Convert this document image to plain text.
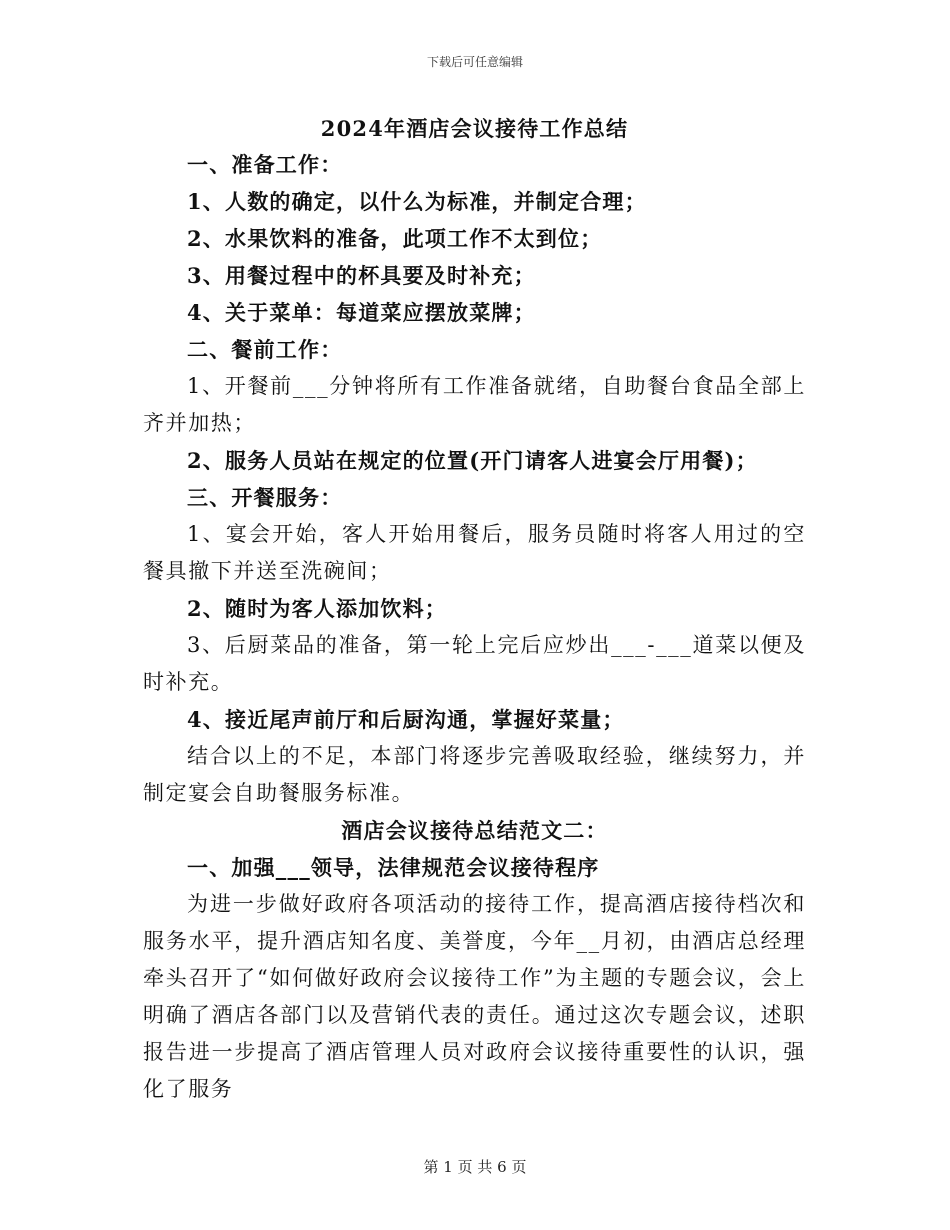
下载后可任意编辑
2024年酒店会议接待工作总结
一、准备工作：
1、人数的确定，以什么为标准，并制定合理；
2、水果饮料的准备，此项工作不太到位；
3、用餐过程中的杯具要及时补充；
4、关于菜单：每道菜应摆放菜牌；
二、餐前工作：
1、开餐前___分钟将所有工作准备就绪，自助餐台食品全部上齐并加热；
2、服务人员站在规定的位置(开门请客人进宴会厅用餐)；
三、开餐服务：
1、宴会开始，客人开始用餐后，服务员随时将客人用过的空餐具撤下并送至洗碗间；
2、随时为客人添加饮料；
3、后厨菜品的准备，第一轮上完后应炒出___-___道菜以便及时补充。
4、接近尾声前厅和后厨沟通，掌握好菜量；
结合以上的不足，本部门将逐步完善吸取经验，继续努力，并制定宴会自助餐服务标准。
酒店会议接待总结范文二：
一、加强___领导，法律规范会议接待程序
为进一步做好政府各项活动的接待工作，提高酒店接待档次和服务水平，提升酒店知名度、美誉度，今年__月初，由酒店总经理牵头召开了“如何做好政府会议接待工作”为主题的专题会议，会上明确了酒店各部门以及营销代表的责任。通过这次专题会议，述职报告进一步提高了酒店管理人员对政府会议接待重要性的认识，强化了服务
第 1 页 共 6 页
